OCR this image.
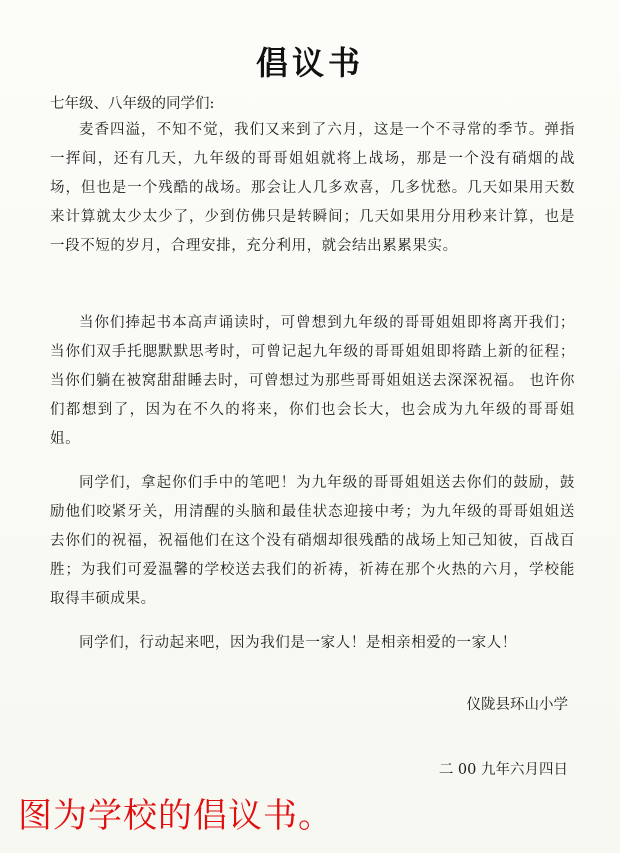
倡议书
七年级、八年级的同学们:

麦香四溢，不知不觉，我们又来到了六月，这是一个不寻常的季节。弹指一挥间，还有几天，九年级的哥哥姐姐就将上战场，那是一个没有硝烟的战场，但也是一个残酷的战场。那会让人几多欢喜，几多忧愁。几天如果用天数来计算就太少太少了，少到仿佛只是转瞬间；几天如果用分用秒来计算，也是一段不短的岁月，合理安排，充分利用，就会结出累累果实。

当你们捧起书本高声诵读时，可曾想到九年级的哥哥姐姐即将离开我们；当你们双手托腮默默思考时，可曾记起九年级的哥哥姐姐即将踏上新的征程；当你们躺在被窝甜甜睡去时，可曾想过为那些哥哥姐姐送去深深祝福。 也许你们都想到了，因为在不久的将来，你们也会长大，也会成为九年级的哥哥姐姐。

同学们，拿起你们手中的笔吧！为九年级的哥哥姐姐送去你们的鼓励，鼓励他们咬紧牙关，用清醒的头脑和最佳状态迎接中考；为九年级的哥哥姐姐送去你们的祝福，祝福他们在这个没有硝烟却很残酷的战场上知己知彼，百战百胜；为我们可爱温馨的学校送去我们的祈祷，祈祷在那个火热的六月，学校能取得丰硕成果。

同学们，行动起来吧，因为我们是一家人！是相亲相爱的一家人！

仪陇县环山小学
二 00 九年六月四日
图为学校的倡议书。
